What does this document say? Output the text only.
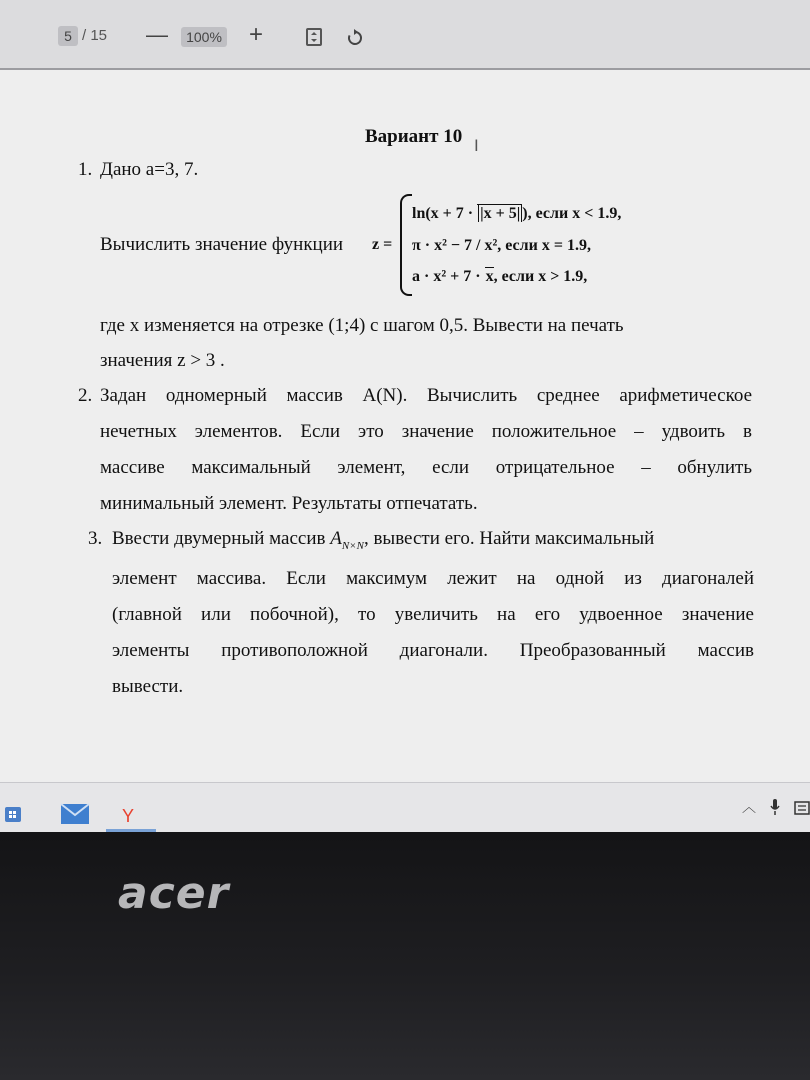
5 / 15 —	100% +
Вариант 10 I
1. Дано a=3, 7.
Вычислить значение функции z =
ln(x + 7 · |x + 5| ), если x < 1.9,
π · x² − 7 / x², если x = 1.9,
a · x² + 7 · x, если x > 1.9,
где x изменяется на отрезке (1;4) с шагом 0,5. Вывести на печать
значения z > 3 .
2. Задан одномерный массив A(N). Вычислить среднее арифметическое
нечетных элементов. Если это значение положительное – удвоить в
массиве максимальный элемент, если отрицательное – обнулить
минимальный элемент. Результаты отпечатать.
3. Ввести двумерный массив $A_{N\times N}$, вывести его. Найти максимальный
элемент массива. Если максимум лежит на одной из диагоналей
(главной или побочной), то увеличить на его удвоенное значение
элементы противоположной диагонали. Преобразованный массив
вывести.
Y	︿
acer
